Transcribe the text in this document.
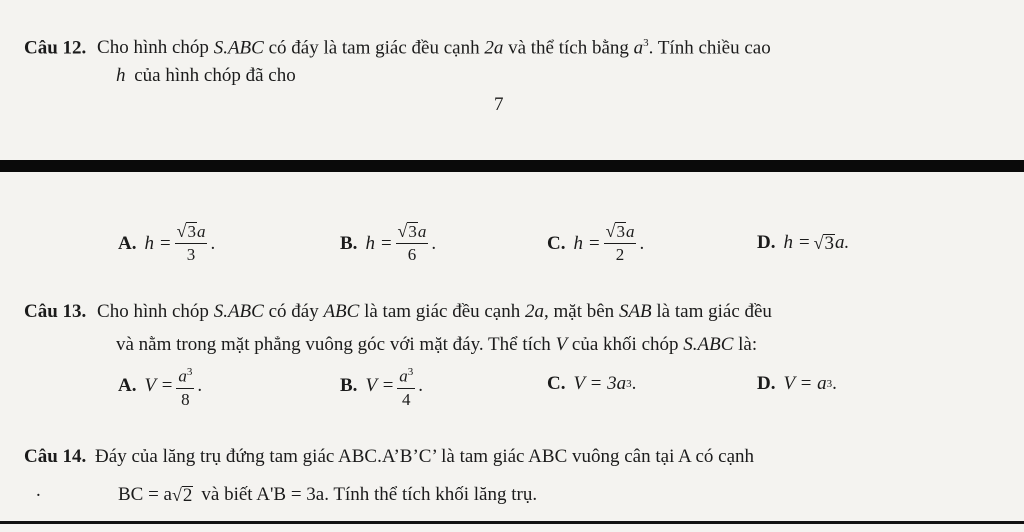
Câu 12. Cho hình chóp S.ABC có đáy là tam giác đều cạnh 2a và thể tích bằng $a^3$. Tính chiều cao
h của hình chóp đã cho
7
A. $h = \frac{√ 3 a}{3}$ .	B. $h = \frac{√ 3 a}{6}$ .	C. $h = \frac{√ 3 a}{2}$ .	D. h = √ 3 a.
Câu 13. Cho hình chóp S.ABC có đáy ABC là tam giác đều cạnh 2a, mặt bên SAB là tam giác đều
và nằm trong mặt phẳng vuông góc với mặt đáy. Thể tích V của khối chóp S.ABC là:
A. $V = \frac{a^3}{8}$ .	B. $V = \frac{a^3}{4}$ .	C. V = 3a 3 .	D. V = a 3 .
Câu 14. Đáy của lăng trụ đứng tam giác ABC.A’B’C’ là tam giác ABC vuông cân tại A có cạnh
.	BC = a √ 2 và biết A'B = 3a. Tính thể tích khối lăng trụ.
